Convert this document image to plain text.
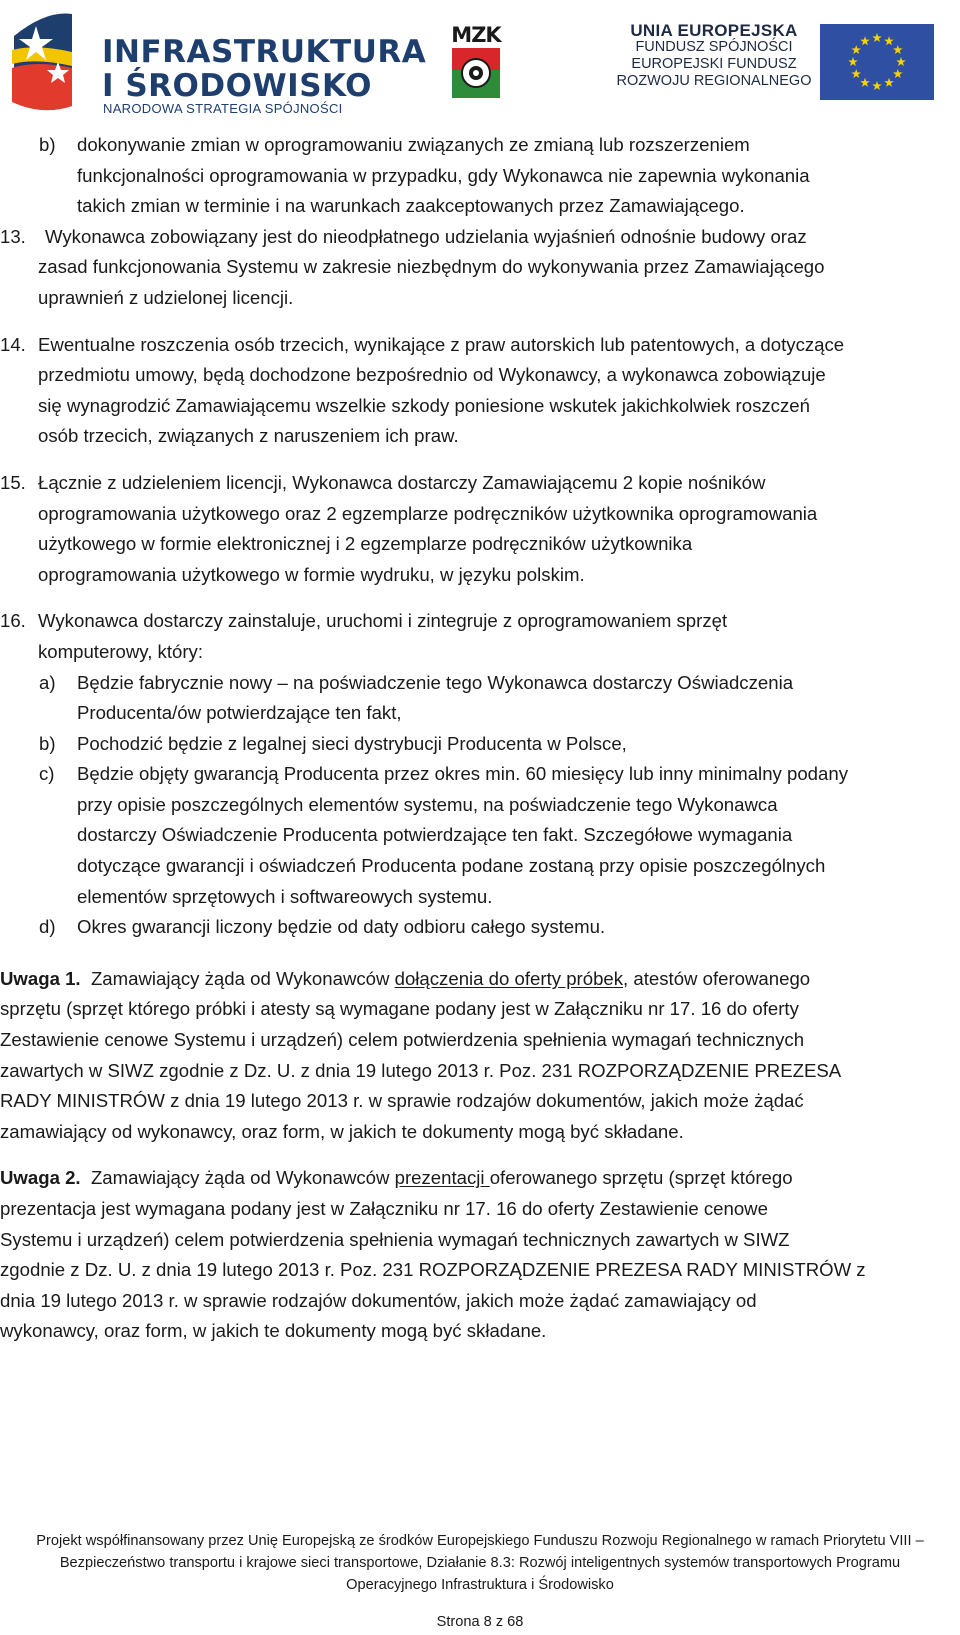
INFRASTRUKTURA
I ŚRODOWISKO
NARODOWA STRATEGIA SPÓJNOŚCI
MZK	UNIA EUROPEJSKA
FUNDUSZ SPÓJNOŚCI
EUROPEJSKI FUNDUSZ
ROZWOJU REGIONALNEGO
b) dokonywanie zmian w oprogramowaniu związanych ze zmianą lub rozszerzeniem
funkcjonalności oprogramowania w przypadku, gdy Wykonawca nie zapewnia wykonania
takich zmian w terminie i na warunkach zaakceptowanych przez Zamawiającego.
13.	Wykonawca zobowiązany jest do nieodpłatnego udzielania wyjaśnień odnośnie budowy oraz
zasad funkcjonowania Systemu w zakresie niezbędnym do wykonywania przez Zamawiającego
uprawnień z udzielonej licencji.
14. Ewentualne roszczenia osób trzecich, wynikające z praw autorskich lub patentowych, a dotyczące
przedmiotu umowy, będą dochodzone bezpośrednio od Wykonawcy, a wykonawca zobowiązuje
się wynagrodzić Zamawiającemu wszelkie szkody poniesione wskutek jakichkolwiek roszczeń
osób trzecich, związanych z naruszeniem ich praw.
15. Łącznie z udzieleniem licencji, Wykonawca dostarczy Zamawiającemu 2 kopie nośników
oprogramowania użytkowego oraz 2 egzemplarze podręczników użytkownika oprogramowania
użytkowego w formie elektronicznej i 2 egzemplarze podręczników użytkownika
oprogramowania użytkowego w formie wydruku, w języku polskim.
16. Wykonawca dostarczy zainstaluje, uruchomi i zintegruje z oprogramowaniem sprzęt
komputerowy, który:
a) Będzie fabrycznie nowy – na poświadczenie tego Wykonawca dostarczy Oświadczenia
Producenta/ów potwierdzające ten fakt,
b) Pochodzić będzie z legalnej sieci dystrybucji Producenta w Polsce,
c) Będzie objęty gwarancją Producenta przez okres min. 60 miesięcy lub inny minimalny podany
przy opisie poszczególnych elementów systemu, na poświadczenie tego Wykonawca
dostarczy Oświadczenie Producenta potwierdzające ten fakt. Szczegółowe wymagania
dotyczące gwarancji i oświadczeń Producenta podane zostaną przy opisie poszczególnych
elementów sprzętowych i softwareowych systemu.
d) Okres gwarancji liczony będzie od daty odbioru całego systemu.
Uwaga 1. Zamawiający żąda od Wykonawców dołączenia do oferty próbek, atestów oferowanego
sprzętu (sprzęt którego próbki i atesty są wymagane podany jest w Załączniku nr 17. 16 do oferty
Zestawienie cenowe Systemu i urządzeń) celem potwierdzenia spełnienia wymagań technicznych
zawartych w SIWZ zgodnie z Dz. U. z dnia 19 lutego 2013 r. Poz. 231 ROZPORZĄDZENIE PREZESA
RADY MINISTRÓW z dnia 19 lutego 2013 r. w sprawie rodzajów dokumentów, jakich może żądać
zamawiający od wykonawcy, oraz form, w jakich te dokumenty mogą być składane.
Uwaga 2. Zamawiający żąda od Wykonawców prezentacji oferowanego sprzętu (sprzęt którego
prezentacja jest wymagana podany jest w Załączniku nr 17. 16 do oferty Zestawienie cenowe
Systemu i urządzeń) celem potwierdzenia spełnienia wymagań technicznych zawartych w SIWZ
zgodnie z Dz. U. z dnia 19 lutego 2013 r. Poz. 231 ROZPORZĄDZENIE PREZESA RADY MINISTRÓW z
dnia 19 lutego 2013 r. w sprawie rodzajów dokumentów, jakich może żądać zamawiający od
wykonawcy, oraz form, w jakich te dokumenty mogą być składane.
Projekt współfinansowany przez Unię Europejską ze środków Europejskiego Funduszu Rozwoju Regionalnego w ramach Priorytetu VIII –
Bezpieczeństwo transportu i krajowe sieci transportowe, Działanie 8.3: Rozwój inteligentnych systemów transportowych Programu
Operacyjnego Infrastruktura i Środowisko
Strona 8 z 68
